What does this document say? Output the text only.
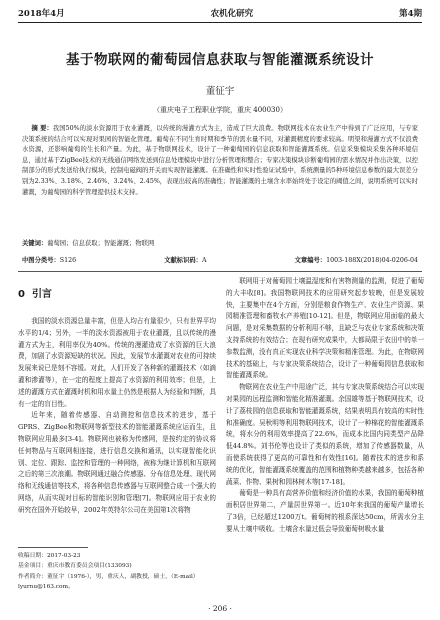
2018年4月	农机化研究	第4期
基于物联网的葡萄园信息获取与智能灌溉系统设计
董征宇
（重庆电子工程职业学院，重庆 400030）
摘 要：我国50%的淡水资源用于农业灌溉，以传统的漫灌方式为主，造成了巨大浪费。物联网技术在农业生产中得到了广泛应用，与专家决策系统的结合可以实现对果园的智能化管理。葡萄在不同生育时期和季节的需水量不同，对灌溉精度的要求较高。明渠和漫灌方式不仅浪费水资源，还影响葡萄的生长和产量。为此，基于物联网技术，设计了一种葡萄园的信息获取和智能灌溉系统。信息采集模块采集各种环境信息，通过基于ZigBee技术的无线通信网络发送到信息处理模块中进行分析管理和整合；专家决策模块诊断葡萄园的需水情况并作出决策，以控制部分的形式发送给执行模块，控制电磁阀的开关而实现智能灌溉。在准确性和实时性验证试验中，系统测量的5种环境信息参数的最大误差分别为2.33%、3.18%、2.46%、3.24%、2.45%，表现出较高的准确性；智能灌溉的土壤含水率始终处于设定的阈值之间，说明系统可以实时灌溉，为葡萄园的科学管理提供技术支持。
关键词：葡萄园；信息获取；智能灌溉；物联网
中图分类号：S126	文献标识码：A	文章编号：1003-188X(2018)04-0206-04
0 引言

我国的淡水资源总量丰富，但是人均占有量很少，只有世界平均水平的1/4；另外，一半的淡水资源被用于农业灌溉，且以传统的漫灌方式为主，利用率仅为40%。传统的漫灌造成了水资源的巨大浪费，加剧了水资源短缺的状况。因此，发展节水灌溉对农业的可持续发展来说已是刻不容缓。对此，人们开发了各种新的灌溉技术（如滴灌和渗灌等），在一定的程度上提高了水资源的利用效率；但是，上述的灌溉方式在灌溉时机和用水量上仍然是根据人为经验和判断，具有一定的盲目性。

近年来，随着传感器、自动测控和信息技术的进步，基于GPRS、ZigBee和物联网等新型技术的智能灌溉系统应运而生，且物联网应用最多[3-4]。物联网也被称为传感网，是按约定的协议将任何物品与互联网相连接，进行信息交换和通讯，以实现智能化识别、定位、跟踪、监控和管理的一种网络，被称为继计算机和互联网之后的第三次浪潮。物联网通过融合传感器、分布信息处理、现代网络和无线通信等技术，将各种信息传感器与互联网整合成一个强大的网络，从而实现对目标的智能识别和管理[7]。物联网应用于农业的研究在国外开始较早，2002年英特尔公司在美国第1次将物

联网用于对葡萄园土壤温湿度和有害物测量的监测，促进了葡萄的大丰收[8]。我国物联网技术的应用研究起步较晚，但是发展较快，主要集中在4个方面，分别是粮食作物生产、农业生产资源、果园精准管理和畜牧水产养殖[10-12]。但是，物联网应用面临的最大问题，是对采集数据的分析利用不够，且缺乏与农业专家系统和决策支持系统的有效结合；在现有研究成果中，大都局限于农田中的单一参数监测，没有真正实现农业科学决策和精准管理。为此，在物联网技术的基础上，与专家决策系统结合，设计了一种葡萄园信息获取和智能灌溉系统。

物联网在农业生产中用途广泛，其与专家决策系统结合可以实现对果园的远程监测和智能化精准灌溉。余国雄等基于物联网技术，设计了荔枝园的信息获取和智能灌溉系统，结果表明具有较高的实时性和准确度。吴秋明等利用物联网技术，设计了一种棉花的智能灌溉系统，将水分的利用效率提高了22.6%，而成本比国内同类型产品降低44.8%。刘书伦等也设计了类似的系统，增加了传感器数量，从而使系统获得了更高的可靠性和有效性[16]。随着技术的进步和系统的优化，智能灌溉系统覆盖的范围和植物种类越来越多，包括各种蔬菜、作物、果树和园林树木等[17-18]。

葡萄是一种具有高营养价值和经济价值的水果，我国的葡萄种植面积居世界第二，产量居世界第一。近10年来我国的葡萄产量增长了3倍，已经超过1200万t。葡萄树的根系深达50cm，所需水分主要从土壤中吸收。土壤含水量过低会导致葡萄树吸水量

收稿日期：2017-03-23
基金项目：重庆市教育委员会项目(133093)
作者简介：董征宇（1976-），男，重庆人，副教授，硕士，（E-mail）
lyurnu@163.com。
· 206 ·
